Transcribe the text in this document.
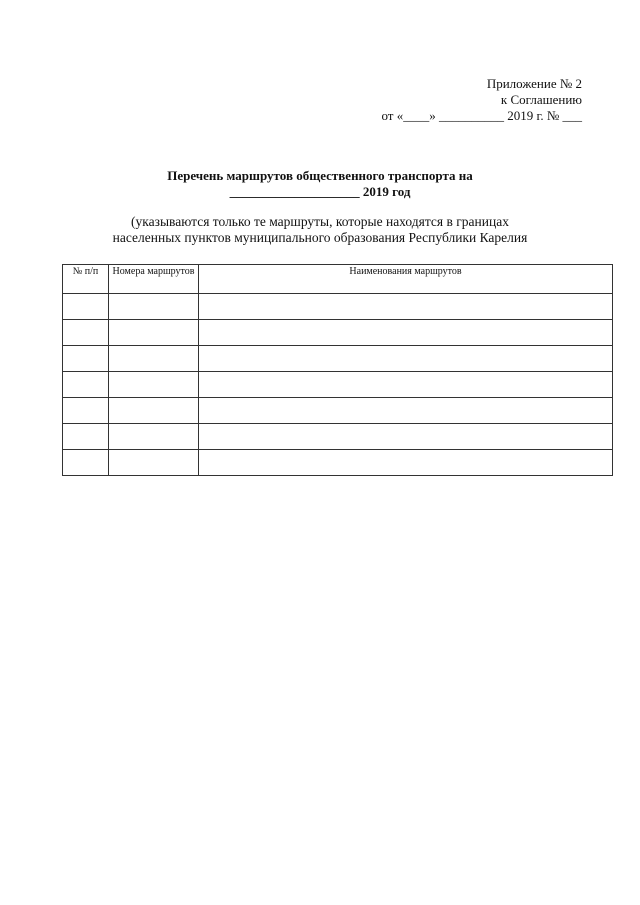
Приложение № 2
к Соглашению
от «____» __________ 2019 г. № ___
Перечень маршрутов общественного транспорта на
____________________ 2019 год
(указываются только те маршруты, которые находятся в границах
населенных пунктов муниципального образования Республики Карелия
№ п/п	Номера маршрутов	Наименования маршрутов
